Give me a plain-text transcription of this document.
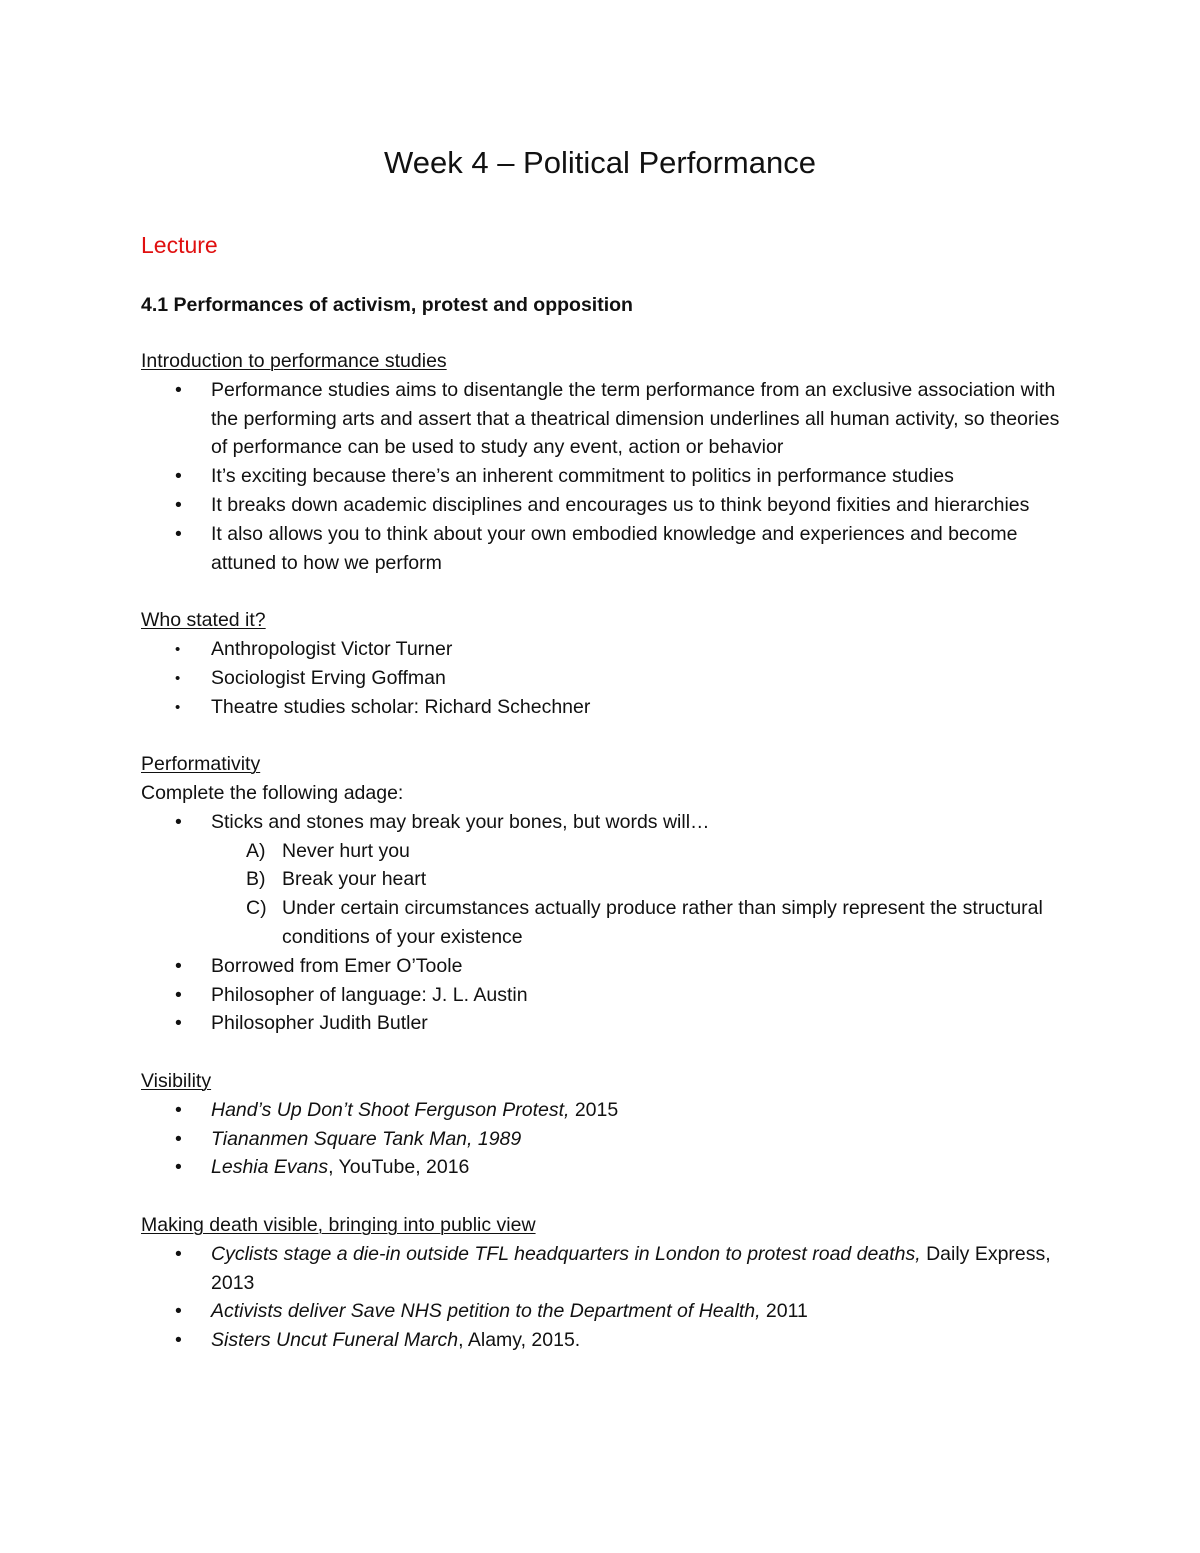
Week 4 – Political Performance
Lecture
4.1 Performances of activism, protest and opposition
Introduction to performance studies
• Performance studies aims to disentangle the term performance from an exclusive association with the performing arts and assert that a theatrical dimension underlines all human activity, so theories of performance can be used to study any event, action or behavior
• It’s exciting because there’s an inherent commitment to politics in performance studies
• It breaks down academic disciplines and encourages us to think beyond fixities and hierarchies
• It also allows you to think about your own embodied knowledge and experiences and become attuned to how we perform
Who stated it?
• Anthropologist Victor Turner
• Sociologist Erving Goffman
• Theatre studies scholar: Richard Schechner
Performativity
Complete the following adage:
• Sticks and stones may break your bones, but words will…
A) Never hurt you
B) Break your heart
C) Under certain circumstances actually produce rather than simply represent the structural conditions of your existence
• Borrowed from Emer O’Toole
• Philosopher of language: J. L. Austin
• Philosopher Judith Butler
Visibility
• Hand’s Up Don’t Shoot Ferguson Protest, 2015
• Tiananmen Square Tank Man, 1989
• Leshia Evans, YouTube, 2016
Making death visible, bringing into public view
• Cyclists stage a die-in outside TFL headquarters in London to protest road deaths, Daily Express, 2013
• Activists deliver Save NHS petition to the Department of Health, 2011
• Sisters Uncut Funeral March, Alamy, 2015.
